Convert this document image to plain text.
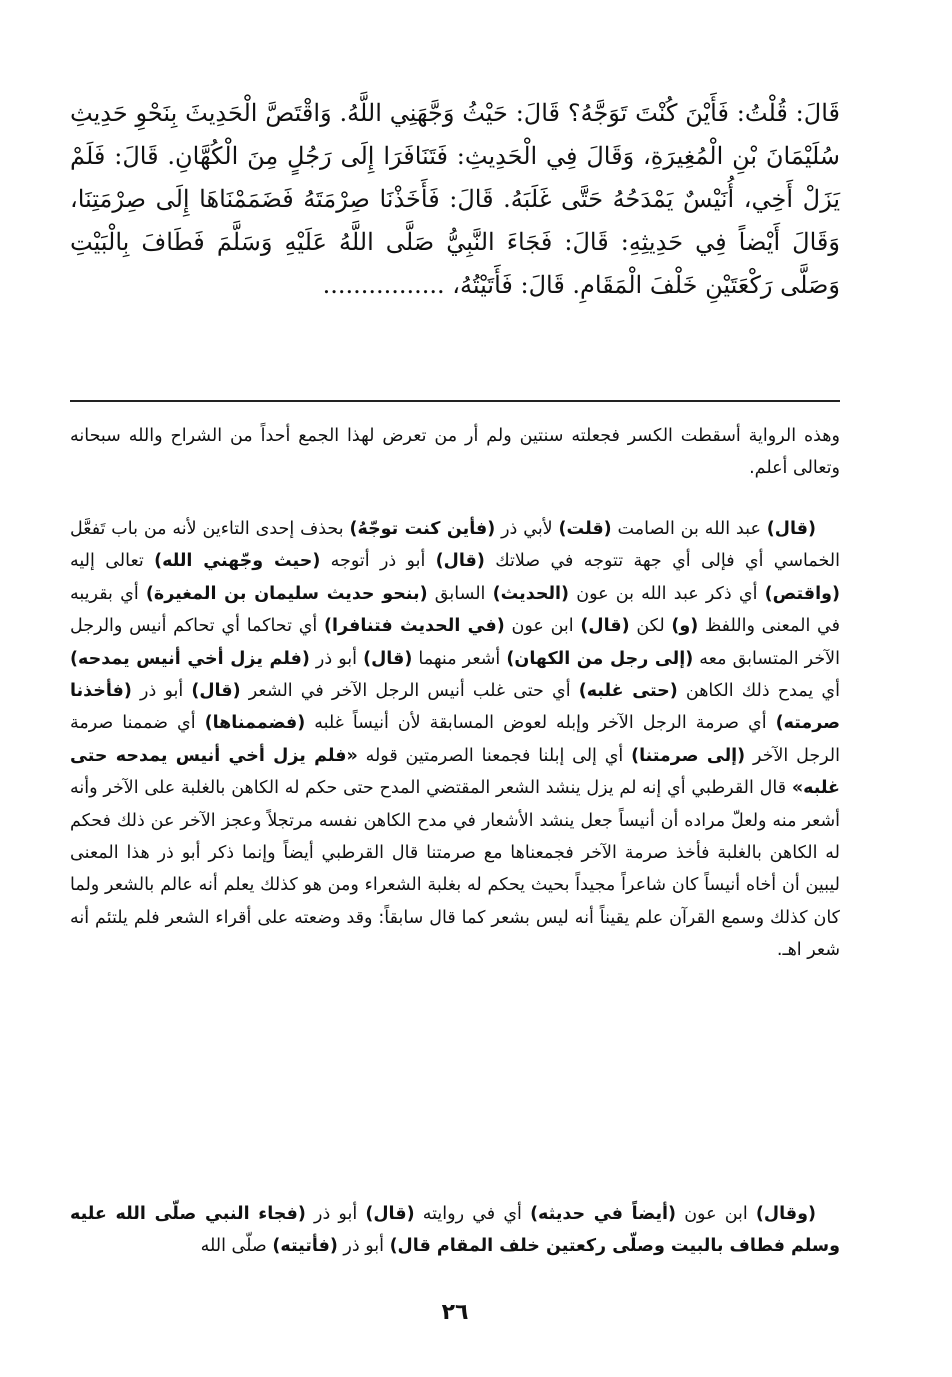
قَالَ: قُلْتُ: فَأَيْنَ كُنْتَ تَوَجَّهُ؟ قَالَ: حَيْثُ وَجَّهَنِي اللَّهُ. وَاقْتَصَّ الْحَدِيثَ بِنَحْوِ حَدِيثِ سُلَيْمَانَ بْنِ الْمُغِيرَةِ، وَقَالَ فِي الْحَدِيثِ: فَتَنَافَرَا إِلَى رَجُلٍ مِنَ الْكُهَّانِ. قَالَ: فَلَمْ يَزَلْ أَخِي، أُنَيْسٌ يَمْدَحُهُ حَتَّى غَلَبَهُ. قَالَ: فَأَخَذْنَا صِرْمَتَهُ فَضَمَمْنَاهَا إِلَى صِرْمَتِنَا، وَقَالَ أَيْضاً فِي حَدِيثِهِ: قَالَ: فَجَاءَ النَّبِيُّ صَلَّى اللَّهُ عَلَيْهِ وَسَلَّمَ فَطَافَ بِالْبَيْتِ وَصَلَّى رَكْعَتَيْنِ خَلْفَ الْمَقَامِ. قَالَ: فَأَتَيْتُهُ، ................

وهذه الرواية أسقطت الكسر فجعلته سنتين ولم أر من تعرض لهذا الجمع أحداً من الشراح والله سبحانه وتعالى أعلم.

(قال) عبد الله بن الصامت (قلت) لأبي ذر (فأين كنت توجّهُ) بحذف إحدى التاءين لأنه من باب تَفعَّل الخماسي أي فإلى أي جهة تتوجه في صلاتك (قال) أبو ذر أتوجه (حيث وجّهني الله) تعالى إليه (واقتص) أي ذكر عبد الله بن عون (الحديث) السابق (بنحو حديث سليمان بن المغيرة) أي بقريبه في المعنى واللفظ (و) لكن (قال) ابن عون (في الحديث فتنافرا) أي تحاكما أي تحاكم أنيس والرجل الآخر المتسابق معه (إلى رجل من الكهان) أشعر منهما (قال) أبو ذر (فلم يزل أخي أنيس يمدحه) أي يمدح ذلك الكاهن (حتى غلبه) أي حتى غلب أنيس الرجل الآخر في الشعر (قال) أبو ذر (فأخذنا صرمته) أي صرمة الرجل الآخر وإبله لعوض المسابقة لأن أنيساً غلبه (فضممناها) أي ضممنا صرمة الرجل الآخر (إلى صرمتنا) أي إلى إبلنا فجمعنا الصرمتين قوله «فلم يزل أخي أنيس يمدحه حتى غلبه» قال القرطبي أي إنه لم يزل ينشد الشعر المقتضي المدح حتى حكم له الكاهن بالغلبة على الآخر وأنه أشعر منه ولعلّ مراده أن أنيساً جعل ينشد الأشعار في مدح الكاهن نفسه مرتجلاً وعجز الآخر عن ذلك فحكم له الكاهن بالغلبة فأخذ صرمة الآخر فجمعناها مع صرمتنا قال القرطبي أيضاً وإنما ذكر أبو ذر هذا المعنى ليبين أن أخاه أنيساً كان شاعراً مجيداً بحيث يحكم له بغلبة الشعراء ومن هو كذلك يعلم أنه عالم بالشعر ولما كان كذلك وسمع القرآن علم يقيناً أنه ليس بشعر كما قال سابقاً: وقد وضعته على أقراء الشعر فلم يلتئم أنه شعر اهـ.

(وقال) ابن عون (أيضاً في حديثه) أي في روايته (قال) أبو ذر (فجاء النبي صلّى الله عليه وسلم فطاف بالبيت وصلّى ركعتين خلف المقام قال) أبو ذر (فأتيته) صلّى الله

٢٦
